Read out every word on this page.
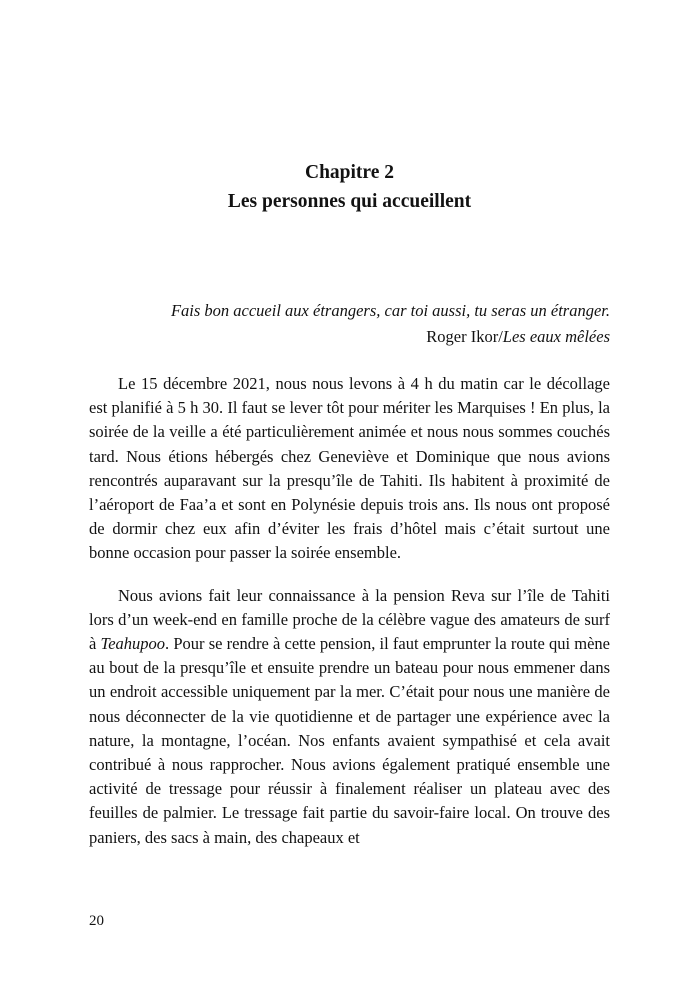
Chapitre 2
Les personnes qui accueillent

Fais bon accueil aux étrangers, car toi aussi, tu seras un étranger.

Roger Ikor/Les eaux mêlées

Le 15 décembre 2021, nous nous levons à 4 h du matin car le décollage est planifié à 5 h 30. Il faut se lever tôt pour mériter les Marquises ! En plus, la soirée de la veille a été particulièrement animée et nous nous sommes couchés tard. Nous étions hébergés chez Geneviève et Dominique que nous avions rencontrés auparavant sur la presqu’île de Tahiti. Ils habitent à proximité de l’aéroport de Faa’a et sont en Polynésie depuis trois ans. Ils nous ont proposé de dormir chez eux afin d’éviter les frais d’hôtel mais c’était surtout une bonne occasion pour passer la soirée ensemble.

Nous avions fait leur connaissance à la pension Reva sur l’île de Tahiti lors d’un week-end en famille proche de la célèbre vague des amateurs de surf à Teahupoo. Pour se rendre à cette pension, il faut emprunter la route qui mène au bout de la presqu’île et ensuite prendre un bateau pour nous emmener dans un endroit accessible uniquement par la mer. C’était pour nous une manière de nous déconnecter de la vie quotidienne et de partager une expérience avec la nature, la montagne, l’océan. Nos enfants avaient sympathisé et cela avait contribué à nous rapprocher. Nous avions également pratiqué ensemble une activité de tressage pour réussir à finalement réaliser un plateau avec des feuilles de palmier. Le tressage fait partie du savoir-faire local. On trouve des paniers, des sacs à main, des chapeaux et

20
